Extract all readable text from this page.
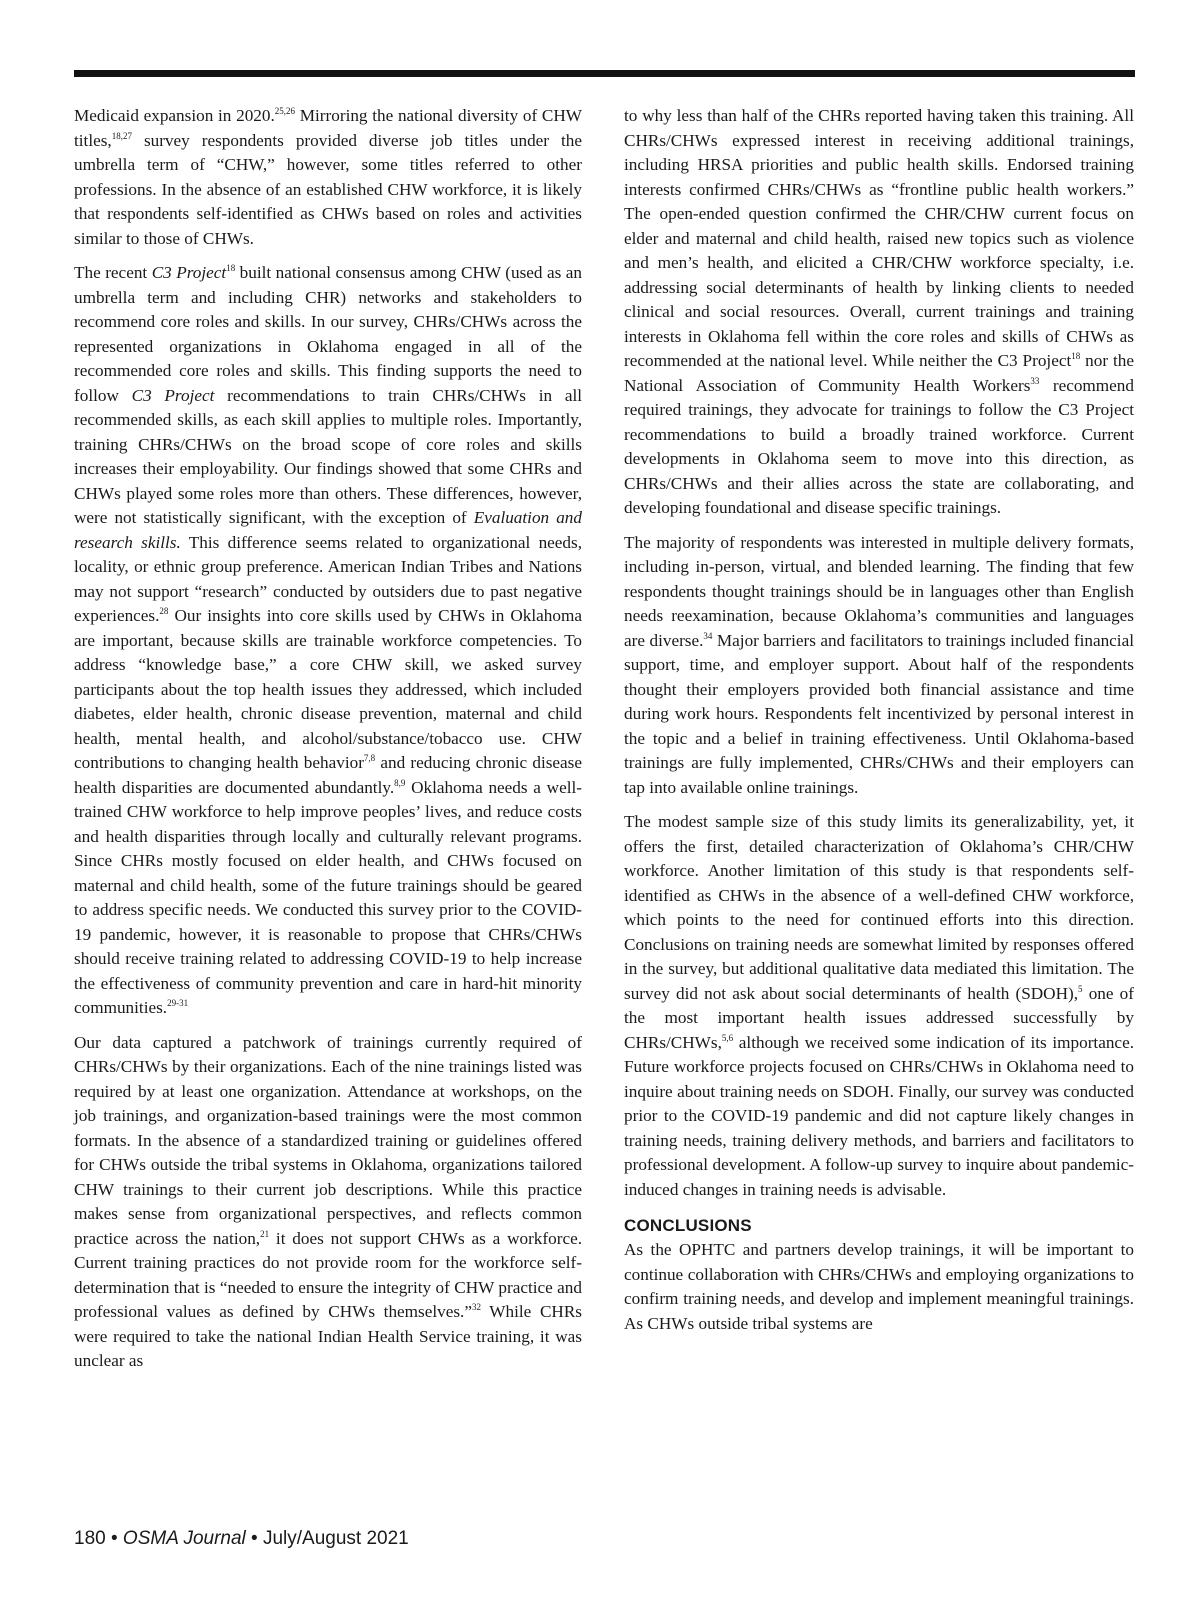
Medicaid expansion in 2020.$^{25,26}$ Mirroring the national diversity of CHW titles,$^{18,27}$ survey respondents provided diverse job titles under the umbrella term of “CHW,” however, some titles referred to other professions. In the absence of an established CHW workforce, it is likely that respondents self-identified as CHWs based on roles and activities similar to those of CHWs.

The recent C3 Project$^{18}$ built national consensus among CHW (used as an umbrella term and including CHR) networks and stakeholders to recommend core roles and skills. In our survey, CHRs/CHWs across the represented organizations in Oklahoma engaged in all of the recommended core roles and skills. This finding supports the need to follow C3 Project recommendations to train CHRs/CHWs in all recommended skills, as each skill applies to multiple roles. Importantly, training CHRs/CHWs on the broad scope of core roles and skills increases their employability. Our findings showed that some CHRs and CHWs played some roles more than others. These differences, however, were not statistically significant, with the exception of Evaluation and research skills. This difference seems related to organizational needs, locality, or ethnic group preference. American Indian Tribes and Nations may not support “research” conducted by outsiders due to past negative experiences.$^{28}$ Our insights into core skills used by CHWs in Oklahoma are important, because skills are trainable workforce competencies. To address “knowledge base,” a core CHW skill, we asked survey participants about the top health issues they addressed, which included diabetes, elder health, chronic disease prevention, maternal and child health, mental health, and alcohol/substance/tobacco use. CHW contributions to changing health behavior$^{7,8}$ and reducing chronic disease health disparities are documented abundantly.$^{8,9}$ Oklahoma needs a well-trained CHW workforce to help improve peoples’ lives, and reduce costs and health disparities through locally and culturally relevant programs. Since CHRs mostly focused on elder health, and CHWs focused on maternal and child health, some of the future trainings should be geared to address specific needs. We conducted this survey prior to the COVID-19 pandemic, however, it is reasonable to propose that CHRs/CHWs should receive training related to addressing COVID-19 to help increase the effectiveness of community prevention and care in hard-hit minority communities.$^{29-31}$

Our data captured a patchwork of trainings currently required of CHRs/CHWs by their organizations. Each of the nine trainings listed was required by at least one organization. Attendance at workshops, on the job trainings, and organization-based trainings were the most common formats. In the absence of a standardized training or guidelines offered for CHWs outside the tribal systems in Oklahoma, organizations tailored CHW trainings to their current job descriptions. While this practice makes sense from organizational perspectives, and reflects common practice across the nation,$^{21}$ it does not support CHWs as a workforce. Current training practices do not provide room for the workforce self-determination that is “needed to ensure the integrity of CHW practice and professional values as defined by CHWs themselves.”$^{32}$ While CHRs were required to take the national Indian Health Service training, it was unclear as

to why less than half of the CHRs reported having taken this training. All CHRs/CHWs expressed interest in receiving additional trainings, including HRSA priorities and public health skills. Endorsed training interests confirmed CHRs/CHWs as “frontline public health workers.” The open-ended question confirmed the CHR/CHW current focus on elder and maternal and child health, raised new topics such as violence and men’s health, and elicited a CHR/CHW workforce specialty, i.e. addressing social determinants of health by linking clients to needed clinical and social resources. Overall, current trainings and training interests in Oklahoma fell within the core roles and skills of CHWs as recommended at the national level. While neither the C3 Project$^{18}$ nor the National Association of Community Health Workers$^{33}$ recommend required trainings, they advocate for trainings to follow the C3 Project recommendations to build a broadly trained workforce. Current developments in Oklahoma seem to move into this direction, as CHRs/CHWs and their allies across the state are collaborating, and developing foundational and disease specific trainings.

The majority of respondents was interested in multiple delivery formats, including in-person, virtual, and blended learning. The finding that few respondents thought trainings should be in languages other than English needs reexamination, because Oklahoma’s communities and languages are diverse.$^{34}$ Major barriers and facilitators to trainings included financial support, time, and employer support. About half of the respondents thought their employers provided both financial assistance and time during work hours. Respondents felt incentivized by personal interest in the topic and a belief in training effectiveness. Until Oklahoma-based trainings are fully implemented, CHRs/CHWs and their employers can tap into available online trainings.

The modest sample size of this study limits its generalizability, yet, it offers the first, detailed characterization of Oklahoma’s CHR/CHW workforce. Another limitation of this study is that respondents self-identified as CHWs in the absence of a well-defined CHW workforce, which points to the need for continued efforts into this direction. Conclusions on training needs are somewhat limited by responses offered in the survey, but additional qualitative data mediated this limitation. The survey did not ask about social determinants of health (SDOH),$^5$ one of the most important health issues addressed successfully by CHRs/CHWs,$^{5,6}$ although we received some indication of its importance. Future workforce projects focused on CHRs/CHWs in Oklahoma need to inquire about training needs on SDOH. Finally, our survey was conducted prior to the COVID-19 pandemic and did not capture likely changes in training needs, training delivery methods, and barriers and facilitators to professional development. A follow-up survey to inquire about pandemic-induced changes in training needs is advisable.

CONCLUSIONS

As the OPHTC and partners develop trainings, it will be important to continue collaboration with CHRs/CHWs and employing organizations to confirm training needs, and develop and implement meaningful trainings. As CHWs outside tribal systems are

180 • OSMA Journal • July/August 2021
